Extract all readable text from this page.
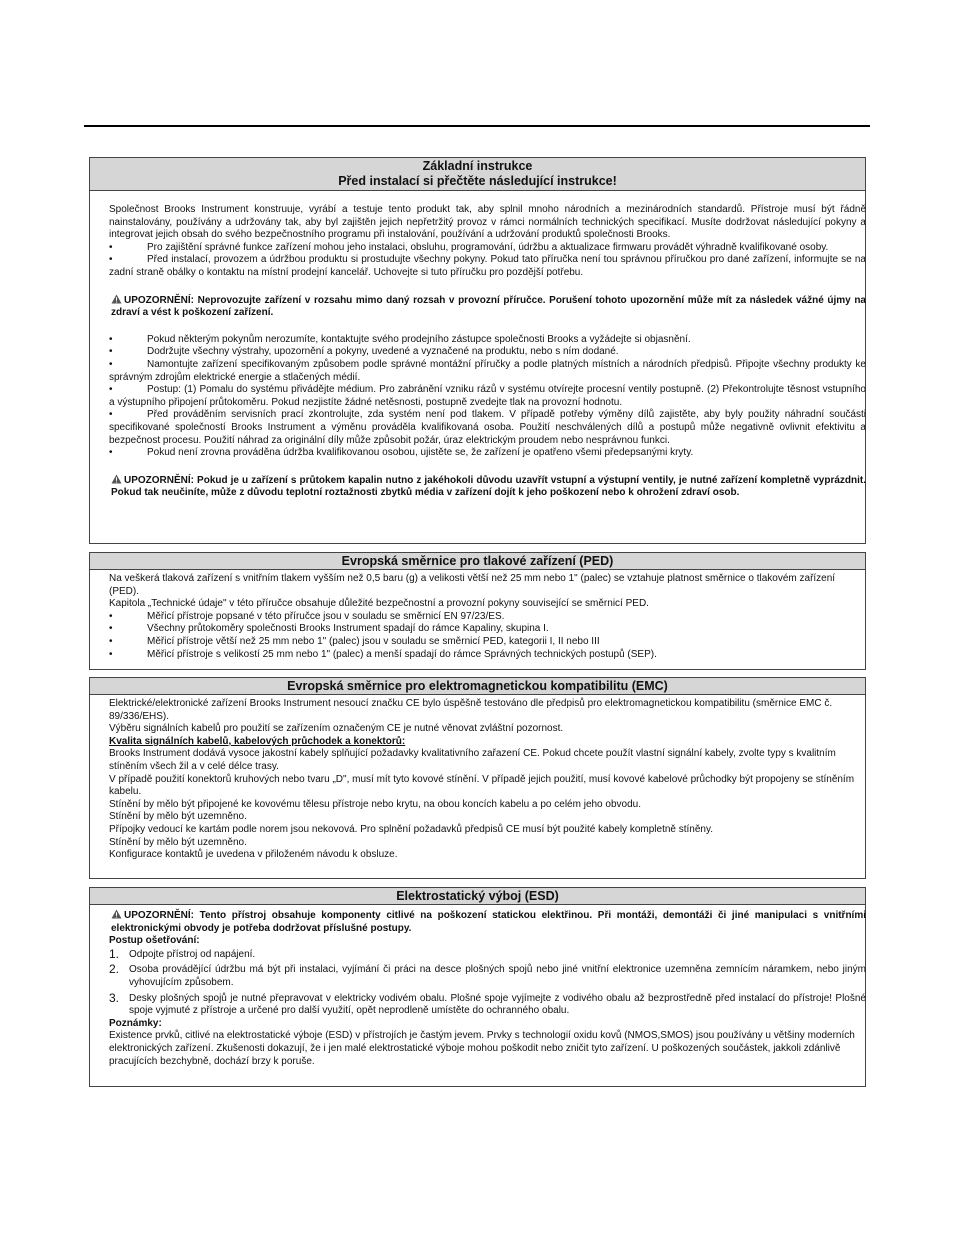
Základní instrukce
Před instalací si přečtěte následující instrukce!
Společnost Brooks Instrument konstruuje, vyrábí a testuje tento produkt tak, aby splnil mnoho národních a mezinárodních standardů. Přístroje musí být řádně nainstalovány, používány a udržovány tak, aby byl zajištěn jejich nepřetržitý provoz v rámci normálních technických specifikací. Musíte dodržovat následující pokyny a integrovat jejich obsah do svého bezpečnostního programu při instalování, používání a udržování produktů společnosti Brooks.
•	Pro zajištění správné funkce zařízení mohou jeho instalaci, obsluhu, programování, údržbu a aktualizace firmwaru provádět výhradně kvalifikované osoby.
•	Před instalací, provozem a údržbou produktu si prostudujte všechny pokyny. Pokud tato příručka není tou správnou příručkou pro dané zařízení, informujte se na zadní straně obálky o kontaktu na místní prodejní kancelář. Uchovejte si tuto příručku pro pozdější potřebu.
UPOZORNĚNÍ: Neprovozujte zařízení v rozsahu mimo daný rozsah v provozní příručce. Porušení tohoto upozornění může mít za následek vážné újmy na zdraví a vést k poškození zařízení.
•	Pokud některým pokynům nerozumíte, kontaktujte svého prodejního zástupce společnosti Brooks a vyžádejte si objasnění.
•	Dodržujte všechny výstrahy, upozornění a pokyny, uvedené a vyznačené na produktu, nebo s ním dodané.
•	Namontujte zařízení specifikovaným způsobem podle správné montážní příručky a podle platných místních a národních předpisů. Připojte všechny produkty ke správným zdrojům elektrické energie a stlačených médií.
•	Postup: (1) Pomalu do systému přivádějte médium. Pro zabránění vzniku rázů v systému otvírejte procesní ventily postupně. (2) Překontrolujte těsnost vstupního a výstupního připojení průtokoměru. Pokud nezjistíte žádné netěsnosti, postupně zvedejte tlak na provozní hodnotu.
•	Před prováděním servisních prací zkontrolujte, zda systém není pod tlakem. V případě potřeby výměny dílů zajistěte, aby byly použity náhradní součásti specifikované společností Brooks Instrument a výměnu prováděla kvalifikovaná osoba. Použití neschválených dílů a postupů může negativně ovlivnit efektivitu a bezpečnost procesu. Použití náhrad za originální díly může způsobit požár, úraz elektrickým proudem nebo nesprávnou funkci.
•	Pokud není zrovna prováděna údržba kvalifikovanou osobou, ujistěte se, že zařízení je opatřeno všemi předepsanými kryty.
UPOZORNĚNÍ: Pokud je u zařízení s průtokem kapalin nutno z jakéhokoli důvodu uzavřít vstupní a výstupní ventily, je nutné zařízení kompletně vyprázdnit. Pokud tak neučiníte, může z důvodu teplotní roztažnosti zbytků média v zařízení dojít k jeho poškození nebo k ohrožení zdraví osob.
Evropská směrnice pro tlakové zařízení (PED)
Na veškerá tlaková zařízení s vnitřním tlakem vyšším než 0,5 baru (g) a velikosti větší než 25 mm nebo 1" (palec) se vztahuje platnost směrnice o tlakovém zařízení (PED).
Kapitola „Technické údaje" v této příručce obsahuje důležité bezpečnostní a provozní pokyny související se směrnicí PED.
•	Měřicí přístroje popsané v této příručce jsou v souladu se směrnicí EN 97/23/ES.
•	Všechny průtokoměry společnosti Brooks Instrument spadají do rámce Kapaliny, skupina I.
•	Měřicí přístroje větší než 25 mm nebo 1" (palec) jsou v souladu se směrnicí PED, kategorii I, II nebo III
•	Měřicí přístroje s velikostí 25 mm nebo 1" (palec) a menší spadají do rámce Správných technických postupů (SEP).
Evropská směrnice pro elektromagnetickou kompatibilitu (EMC)
Elektrické/elektronické zařízení Brooks Instrument nesoucí značku CE bylo úspěšně testováno dle předpisů pro elektromagnetickou kompatibilitu (směrnice EMC č. 89/336/EHS).
Výběru signálních kabelů pro použití se zařízením označeným CE je nutné věnovat zvláštní pozornost.
Kvalita signálních kabelů, kabelových průchodek a konektorů:
Brooks Instrument dodává vysoce jakostní kabely splňující požadavky kvalitativního zařazení CE. Pokud chcete použít vlastní signální kabely, zvolte typy s kvalitním stíněním všech žil a v celé délce trasy.
V případě použití konektorů kruhových nebo tvaru „D", musí mít tyto kovové stínění. V případě jejich použití, musí kovové kabelové průchodky být propojeny se stíněním kabelu.
Stínění by mělo být připojené ke kovovému tělesu přístroje nebo krytu, na obou koncích kabelu a po celém jeho obvodu.
Stínění by mělo být uzemněno.
Přípojky vedoucí ke kartám podle norem jsou nekovová. Pro splnění požadavků předpisů CE musí být použité kabely kompletně stíněny.
Stínění by mělo být uzemněno.
Konfigurace kontaktů je uvedena v přiloženém návodu k obsluze.
Elektrostatický výboj (ESD)
UPOZORNĚNÍ: Tento přístroj obsahuje komponenty citlivé na poškození statickou elektřinou. Při montáži, demontáži či jiné manipulaci s vnitřními elektronickými obvody je potřeba dodržovat příslušné postupy.
Postup ošetřování:
1. Odpojte přístroj od napájení.
2. Osoba provádějící údržbu má být při instalaci, vyjímání či práci na desce plošných spojů nebo jiné vnitřní elektronice uzemněna zemnícím náramkem, nebo jiným vyhovujícím způsobem.
3. Desky plošných spojů je nutné přepravovat v elektricky vodivém obalu. Plošné spoje vyjímejte z vodivého obalu až bezprostředně před instalací do přístroje! Plošné spoje vyjmuté z přístroje a určené pro další využití, opět neprodleně umístěte do ochranného obalu.
Poznámky:
Existence prvků, citlivé na elektrostatické výboje (ESD) v přístrojích je častým jevem. Prvky s technologií oxidu kovů (NMOS,SMOS) jsou používány u většiny moderních elektronických zařízení. Zkušenosti dokazují, že i jen malé elektrostatické výboje mohou poškodit nebo zničit tyto zařízení. U poškozených součástek, jakkoli zdánlivě pracujících bezchybně, dochází brzy k poruše.
